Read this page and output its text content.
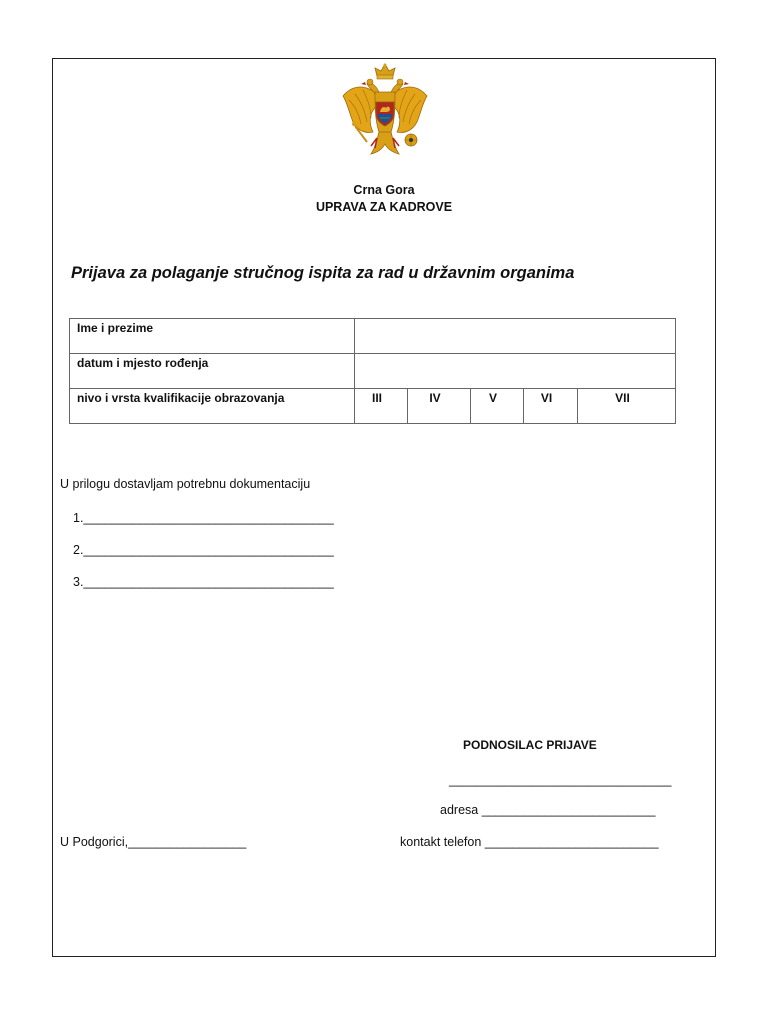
Crna Gora
UPRAVA ZA KADROVE
Prijava za polaganje stručnog ispita za rad u državnim organima
Ime i prezime					
datum i mjesto rođenja					
nivo i vrsta kvalifikacije obrazovanja	III	IV	V	VI	VII
U prilogu dostavljam potrebnu dokumentaciju
1.____________________________________
2.____________________________________
3.____________________________________
PODNOSILAC PRIJAVE
________________________________
adresa _________________________
U Podgorici,_________________	kontakt telefon _________________________
